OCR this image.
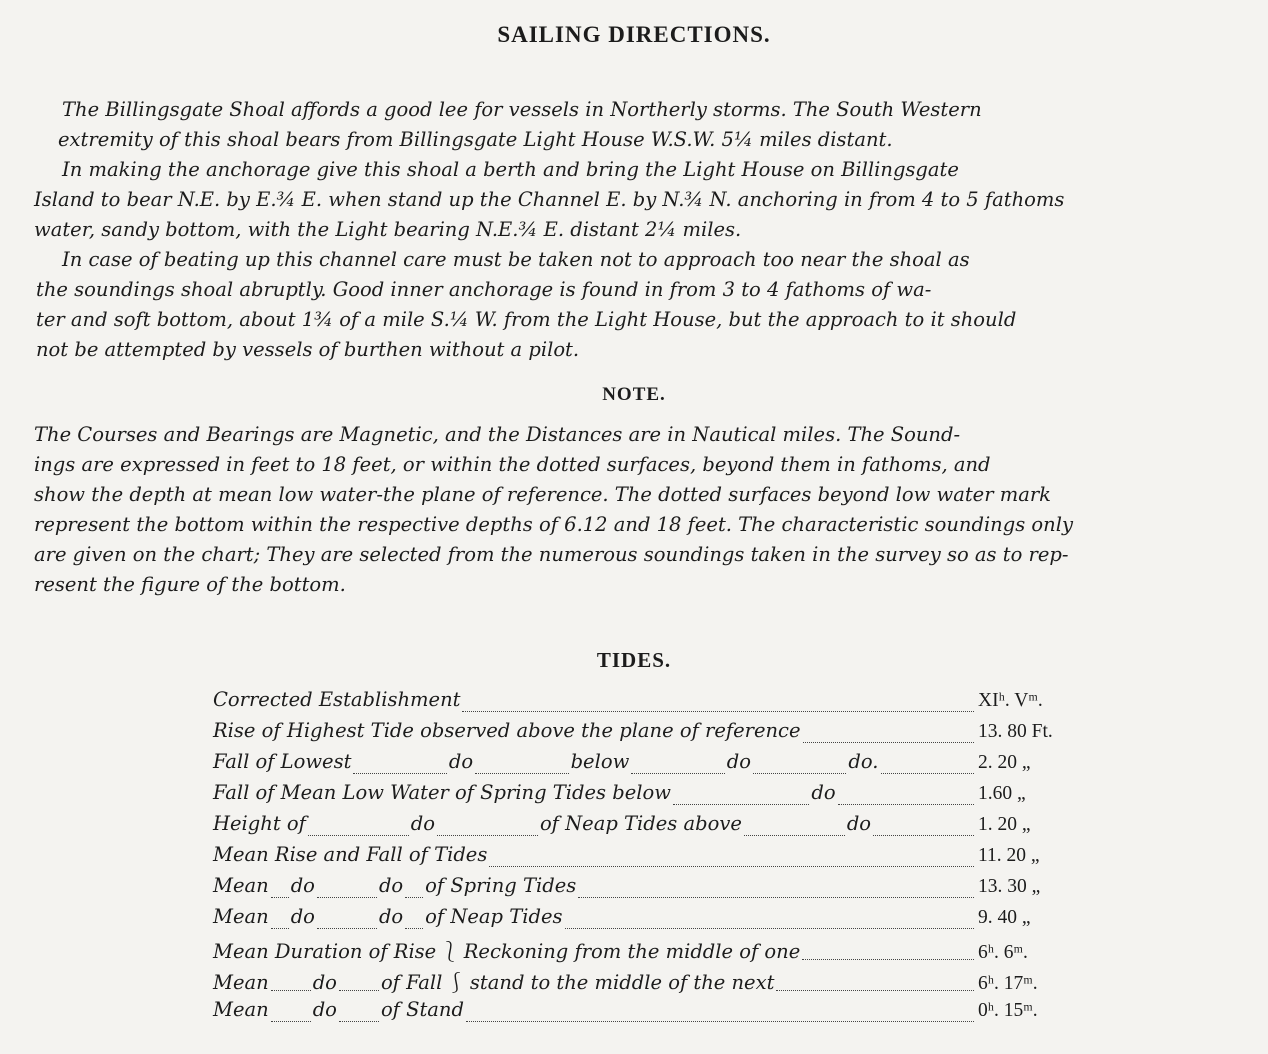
SAILING DIRECTIONS.

The Billingsgate Shoal affords a good lee for vessels in Northerly storms. The South Western
extremity of this shoal bears from Billingsgate Light House W.S.W. 5¼ miles distant.
In making the anchorage give this shoal a berth and bring the Light House on Billingsgate
Island to bear N.E. by E.¾ E. when stand up the Channel E. by N.¾ N. anchoring in from 4 to 5 fathoms
water, sandy bottom, with the Light bearing N.E.¾ E. distant 2¼ miles.
In case of beating up this channel care must be taken not to approach too near the shoal as
the soundings shoal abruptly. Good inner anchorage is found in from 3 to 4 fathoms of wa-
ter and soft bottom, about 1¾ of a mile S.¼ W. from the Light House, but the approach to it should
not be attempted by vessels of burthen without a pilot.

NOTE.

The Courses and Bearings are Magnetic, and the Distances are in Nautical miles. The Sound-
ings are expressed in feet to 18 feet, or within the dotted surfaces, beyond them in fathoms, and
show the depth at mean low water-the plane of reference. The dotted surfaces beyond low water mark
represent the bottom within the respective depths of 6.12 and 18 feet. The characteristic soundings only
are given on the chart; They are selected from the numerous soundings taken in the survey so as to rep-
resent the figure of the bottom.

TIDES.
Corrected Establishment	XIʰ. Vᵐ.
Rise of Highest Tide observed above the plane of reference	13. 80 Ft.
Fall of Lowest	do	below	do	do.	2. 20 „
Fall of Mean Low Water of Spring Tides below	do	1.60 „
Height of	do	of Neap Tides above	do	1. 20 „
Mean Rise and Fall of Tides	11. 20 „
Mean do	do of Spring Tides	13. 30 „
Mean do	do of Neap Tides	9. 40 „
Mean Duration of Rise ⎱ Reckoning from the middle of one	6ʰ. 6ᵐ.
Mean do of Fall ⎰ stand to the middle of the next	6ʰ. 17ᵐ.
Mean do of Stand	0ʰ. 15ᵐ.
